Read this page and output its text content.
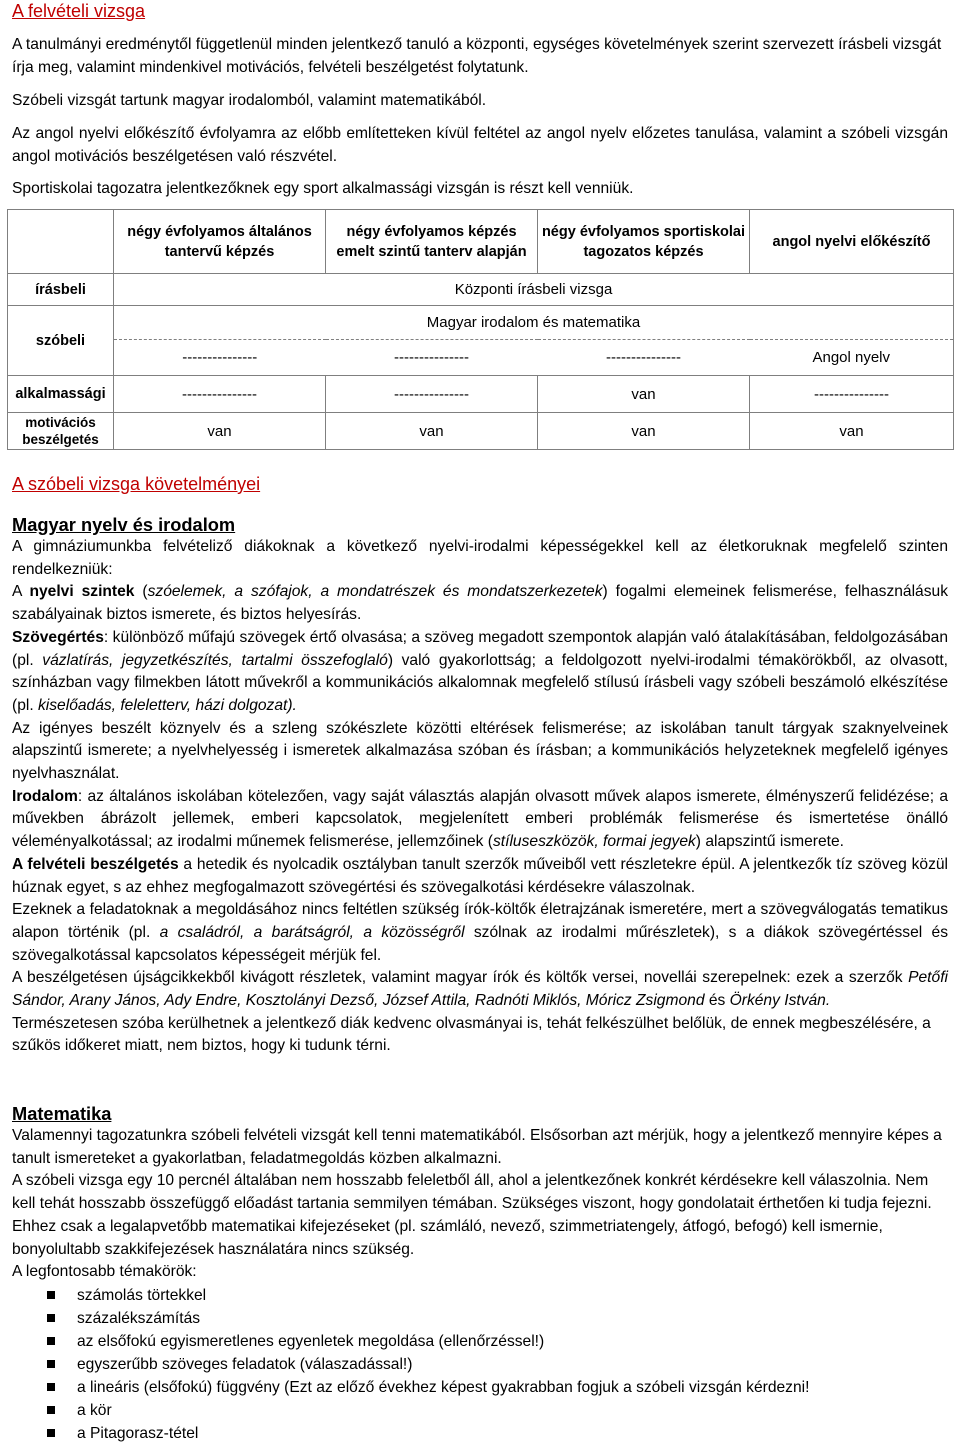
A felvételi vizsga

A tanulmányi eredménytől függetlenül minden jelentkező tanuló a központi, egységes követelmények szerint szervezett írásbeli vizsgát írja meg, valamint mindenkivel motivációs, felvételi beszélgetést folytatunk.

Szóbeli vizsgát tartunk magyar irodalomból, valamint matematikából.

Az angol nyelvi előkészítő évfolyamra az előbb említetteken kívül feltétel az angol nyelv előzetes tanulása, valamint a szóbeli vizsgán angol motivációs beszélgetésen való részvétel.

Sportiskolai tagozatra jelentkezőknek egy sport alkalmassági vizsgán is részt kell venniük.

	négy évfolyamos általános tantervű képzés	négy évfolyamos képzés emelt szintű tanterv alapján	négy évfolyamos sportiskolai tagozatos képzés	angol nyelvi előkészítő
írásbeli	Központi írásbeli vizsga			
szóbeli	Magyar irodalom és matematika			
	---------------	---------------	---------------	Angol nyelv
alkalmassági	---------------	---------------	van	---------------
motivációs beszélgetés	van	van	van	van
A szóbeli vizsga követelményei
Magyar nyelv és irodalom

A gimnáziumunkba felvételiző diákoknak a következő nyelvi-irodalmi képességekkel kell az életkoruknak megfelelő szinten rendelkezniük:

A nyelvi szintek (szóelemek, a szófajok, a mondatrészek és mondatszerkezetek) fogalmi elemeinek felismerése, felhasználásuk szabályainak biztos ismerete, és biztos helyesírás.

Szövegértés: különböző műfajú szövegek értő olvasása; a szöveg megadott szempontok alapján való átalakításában, feldolgozásában (pl. vázlatírás, jegyzetkészítés, tartalmi összefoglaló) való gyakorlottság; a feldolgozott nyelvi-irodalmi témakörökből, az olvasott, színházban vagy filmekben látott művekről a kommunikációs alkalomnak megfelelő stílusú írásbeli vagy szóbeli beszámoló elkészítése (pl. kiselőadás, feleletterv, házi dolgozat).

Az igényes beszélt köznyelv és a szleng szókészlete közötti eltérések felismerése; az iskolában tanult tárgyak szaknyelveinek alapszintű ismerete; a nyelvhelyesség i ismeretek alkalmazása szóban és írásban; a kommunikációs helyzeteknek megfelelő igényes nyelvhasználat.

Irodalom: az általános iskolában kötelezően, vagy saját választás alapján olvasott művek alapos ismerete, élményszerű felidézése; a művekben ábrázolt jellemek, emberi kapcsolatok, megjelenített emberi problémák felismerése és ismertetése önálló véleményalkotással; az irodalmi műnemek felismerése, jellemzőinek (stíluseszközök, formai jegyek) alapszintű ismerete.

A felvételi beszélgetés a hetedik és nyolcadik osztályban tanult szerzők műveiből vett részletekre épül. A jelentkezők tíz szöveg közül húznak egyet, s az ehhez megfogalmazott szövegértési és szövegalkotási kérdésekre válaszolnak.

Ezeknek a feladatoknak a megoldásához nincs feltétlen szükség írók-költők életrajzának ismeretére, mert a szövegválogatás tematikus alapon történik (pl. a családról, a barátságról, a közösségről szólnak az irodalmi műrészletek), s a diákok szövegértéssel és szövegalkotással kapcsolatos képességeit mérjük fel.

A beszélgetésen újságcikkekből kivágott részletek, valamint magyar írók és költők versei, novellái szerepelnek: ezek a szerzők Petőfi Sándor, Arany János, Ady Endre, Kosztolányi Dezső, József Attila, Radnóti Miklós, Móricz Zsigmond és Örkény István.

Természetesen szóba kerülhetnek a jelentkező diák kedvenc olvasmányai is, tehát felkészülhet belőlük, de ennek megbeszélésére, a szűkös időkeret miatt, nem biztos, hogy ki tudunk térni.

Matematika

Valamennyi tagozatunkra szóbeli felvételi vizsgát kell tenni matematikából. Elsősorban azt mérjük, hogy a jelentkező mennyire képes a tanult ismereteket a gyakorlatban, feladatmegoldás közben alkalmazni.

A szóbeli vizsga egy 10 percnél általában nem hosszabb feleletből áll, ahol a jelentkezőnek konkrét kérdésekre kell válaszolnia. Nem kell tehát hosszabb összefüggő előadást tartania semmilyen témában. Szükséges viszont, hogy gondolatait érthetően ki tudja fejezni. Ehhez csak a legalapvetőbb matematikai kifejezéseket (pl. számláló, nevező, szimmetriatengely, átfogó, befogó) kell ismernie, bonyolultabb szakkifejezések használatára nincs szükség.

A legfontosabb témakörök:

számolás törtekkel
százalékszámítás
az elsőfokú egyismeretlenes egyenletek megoldása (ellenőrzéssel!)
egyszerűbb szöveges feladatok (válaszadással!)
a lineáris (elsőfokú) függvény (Ezt az előző évekhez képest gyakrabban fogjuk a szóbeli vizsgán kérdezni!
a kör
a Pitagorasz-tétel
